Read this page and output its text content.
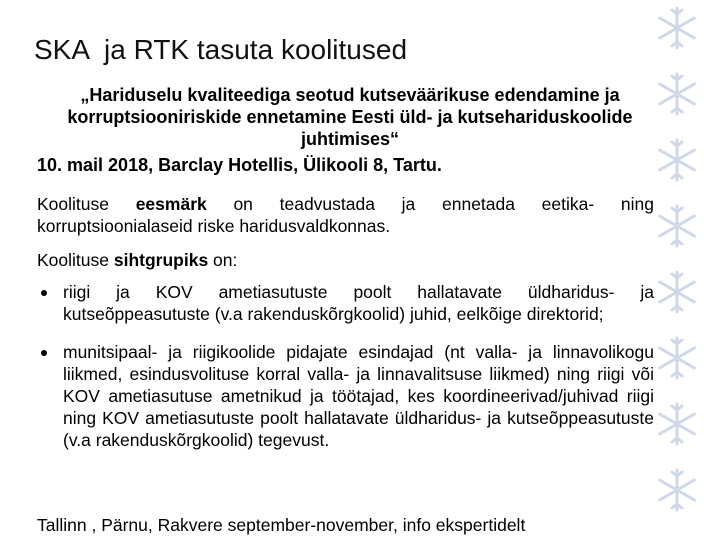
SKA  ja RTK tasuta koolitused
„Hariduselu kvaliteediga seotud kutseväärikuse edendamine ja korruptsiooniriskide ennetamine Eesti üld- ja kutsehariduskoolide juhtimises“
10. mail 2018, Barclay Hotellis, Ülikooli 8, Tartu.
Koolituse eesmärk on teadvustada ja ennetada eetika- ning korruptsioonialaseid riske haridusvaldkonnas.
Koolituse sihtgrupiks on:
riigi ja KOV ametiasutuste poolt hallatavate üldharidus- ja kutseõppeasutuste (v.a rakenduskõrgkoolid) juhid, eelkõige direktorid;
munitsipaal- ja riigikoolide pidajate esindajad (nt valla- ja linnavolikogu liikmed, esindusvolituse korral valla- ja linnavalitsuse liikmed) ning riigi või KOV ametiasutuse ametnikud ja töötajad, kes koordineerivad/juhivad riigi ning KOV ametiasutuste poolt hallatavate üldharidus- ja kutseõppeasutuste (v.a rakenduskõrgkoolid) tegevust.
Tallinn , Pärnu, Rakvere september-november, info ekspertidelt
